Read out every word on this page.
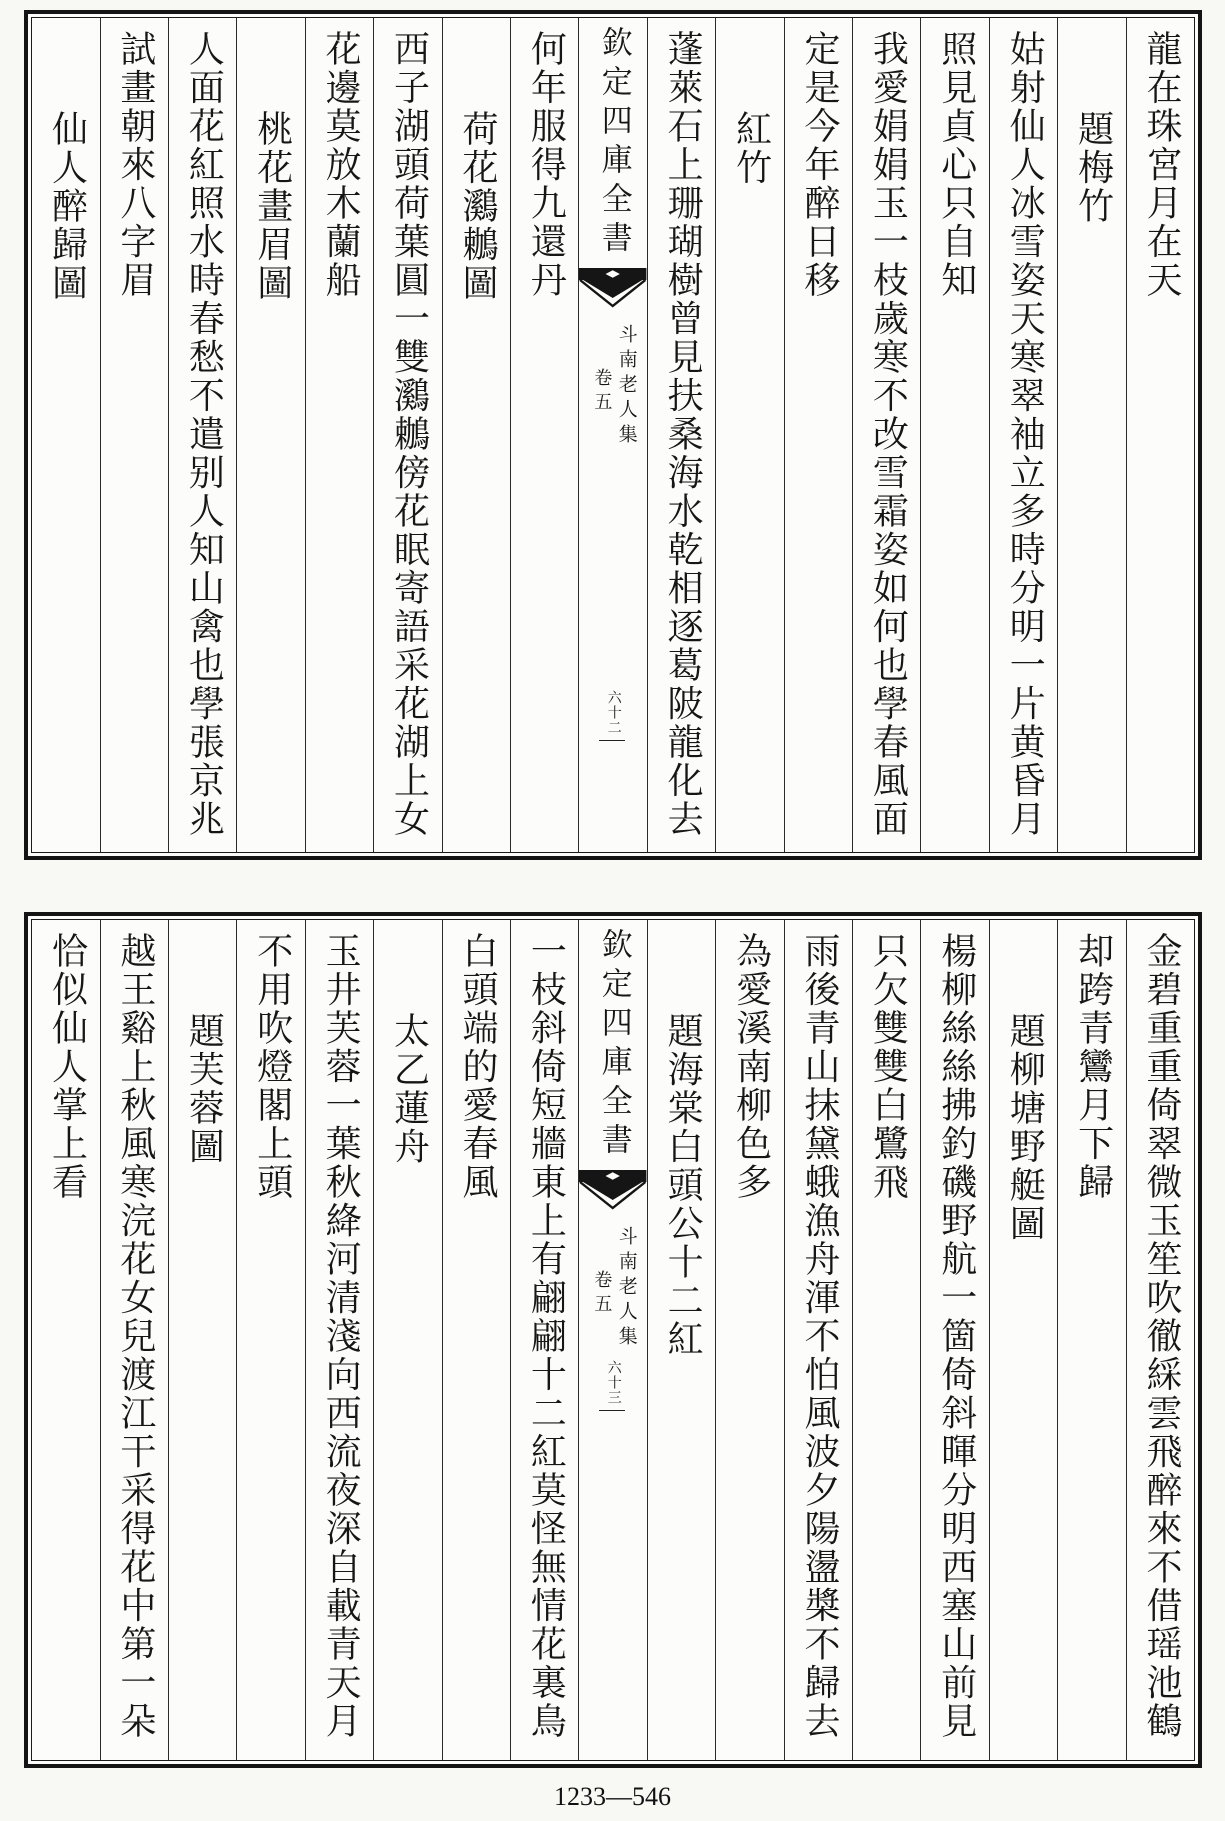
龍在珠宮月在天
題梅竹
姑射仙人冰雪姿天寒翠袖立多時分明一片黄昏月
照見貞心只自知
我愛娟娟玉一枝歲寒不改雪霜姿如何也學春風面
定是今年醉日移
紅竹
蓬萊石上珊瑚樹曾見扶桑海水乾相逐葛陂龍化去
欽定四庫全書
斗南老人集
卷五
六十二
何年服得九還丹
荷花鸂鶒圖
西子湖頭荷葉圓一雙鸂鶒傍花眠寄語采花湖上女
花邊莫放木蘭船
桃花畫眉圖
人面花紅照水時春愁不遣别人知山禽也學張京兆
試畫朝來八字眉
仙人醉歸圖
金碧重重倚翠微玉笙吹徹綵雲飛醉來不借瑶池鶴
却跨青鸞月下歸
題柳塘野艇圖
楊柳絲絲拂釣磯野航一箇倚斜暉分明西塞山前見
只欠雙雙白鷺飛
雨後青山抹黛蛾漁舟渾不怕風波夕陽盪槳不歸去
為愛溪南柳色多
題海棠白頭公十二紅
欽定四庫全書
斗南老人集
卷五
六十三
一枝斜倚短牆東上有翩翩十二紅莫怪無情花裏鳥
白頭端的愛春風
太乙蓮舟
玉井芙蓉一葉秋絳河清淺向西流夜深自載青天月
不用吹燈閣上頭
題芙蓉圖
越王谿上秋風寒浣花女兒渡江干采得花中第一朵
恰似仙人掌上看
1233—546
